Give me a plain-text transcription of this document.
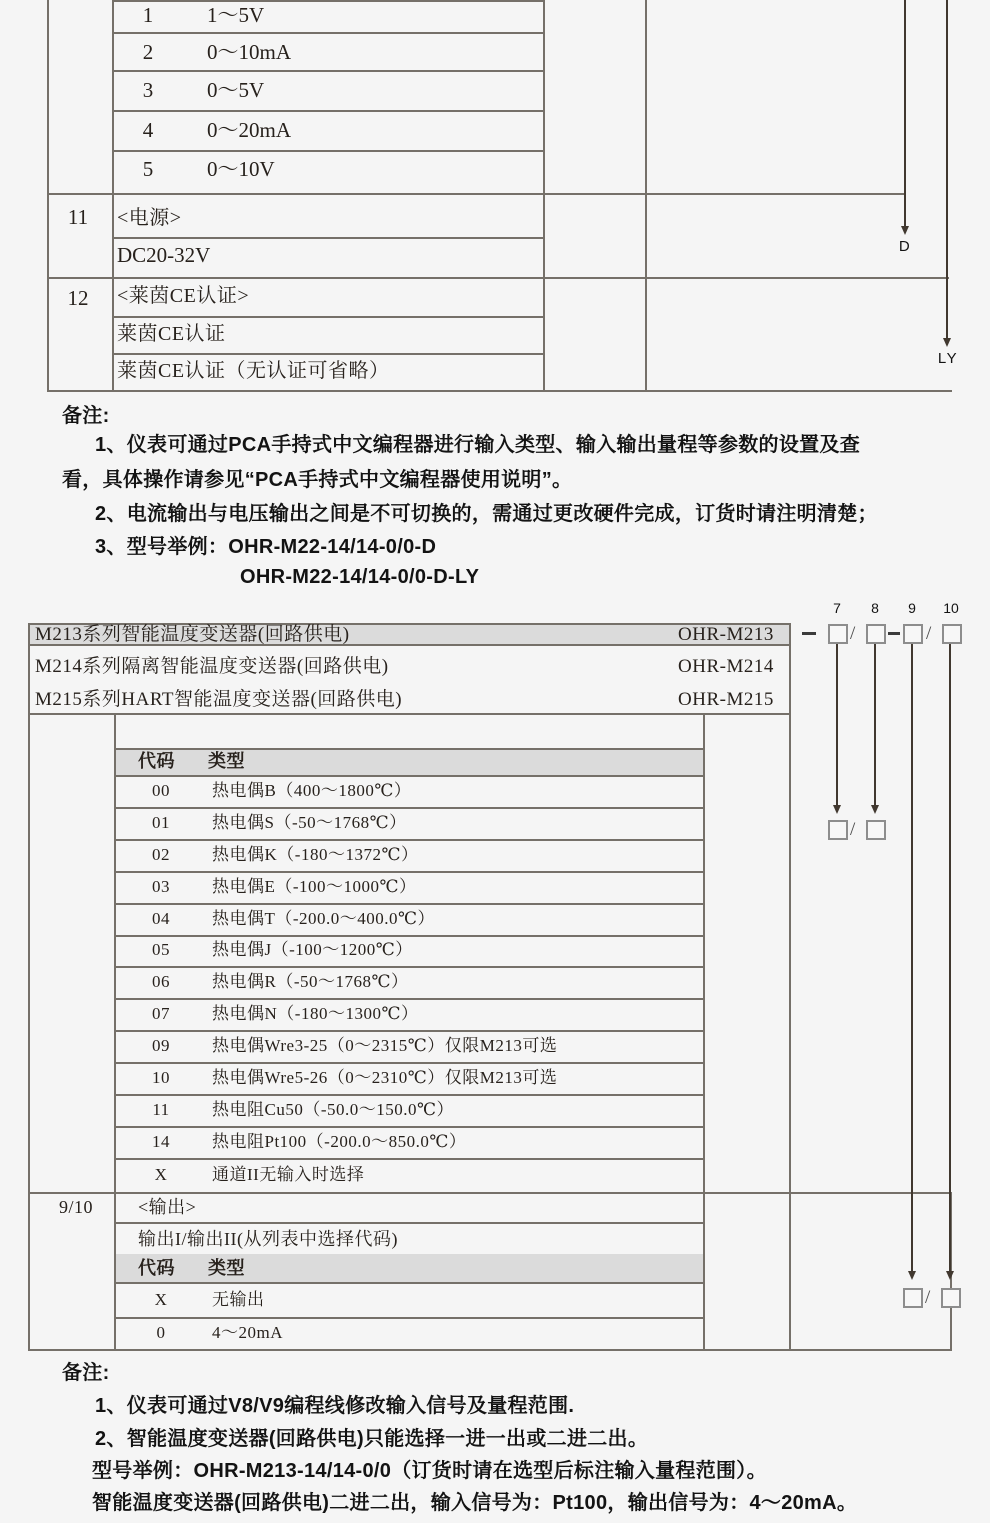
1	1～5V
2	0～10mA
3	0～5V
4	0～20mA
5	0～10V
11	<电源>
DC20-32V
12	<莱茵CE认证>
莱茵CE认证
莱茵CE认证（无认证可省略）
D
LY
备注:
1、仪表可通过PCA手持式中文编程器进行输入类型、输入输出量程等参数的设置及查
看，具体操作请参见“PCA手持式中文编程器使用说明”。
2、电流输出与电压输出之间是不可切换的，需通过更改硬件完成，订货时请注明清楚；
3、型号举例：OHR-M22-14/14-0/0-D
OHR-M22-14/14-0/0-D-LY
M213系列智能温度变送器(回路供电)	OHR-M213
M214系列隔离智能温度变送器(回路供电)	OHR-M214
M215系列HART智能温度变送器(回路供电)	OHR-M215
7	8	9	10
/	/
/
/
代码 类型
00	热电偶B（400～1800℃）
01	热电偶S（-50～1768℃）
02	热电偶K（-180～1372℃）
03	热电偶E（-100～1000℃）
04	热电偶T（-200.0～400.0℃）
05	热电偶J（-100～1200℃）
06	热电偶R（-50～1768℃）
07	热电偶N（-180～1300℃）
09	热电偶Wre3-25（0～2315℃）仅限M213可选
10	热电偶Wre5-26（0～2310℃）仅限M213可选
11	热电阻Cu50（-50.0～150.0℃）
14	热电阻Pt100（-200.0～850.0℃）
X	通道II无输入时选择
9/10	<输出>
输出I/输出II(从列表中选择代码)
代码 类型
X	无输出
0	4～20mA
备注:
1、仪表可通过V8/V9编程线修改输入信号及量程范围.
2、智能温度变送器(回路供电)只能选择一进一出或二进二出。
型号举例：OHR-M213-14/14-0/0（订货时请在选型后标注输入量程范围）。
智能温度变送器(回路供电)二进二出，输入信号为：Pt100，输出信号为：4～20mA。
